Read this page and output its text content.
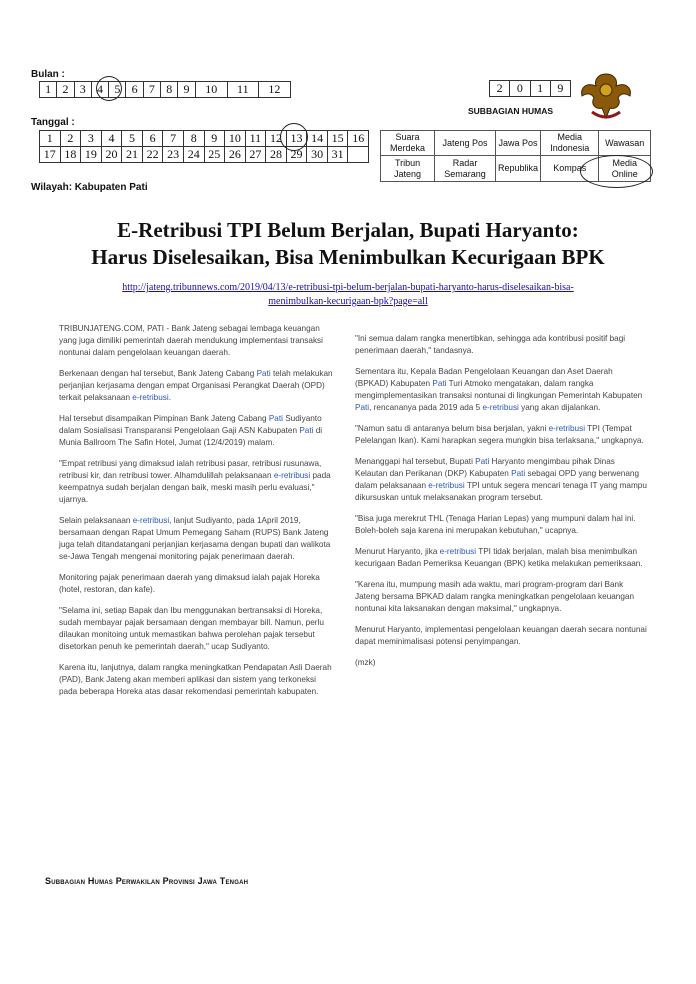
Bulan :
1	2	3	4	5	6	7	8	9	10	11	12
Tanggal :
1	2	3	4	5	6	7	8	9	10	11	12	13	14	15	16
17	18	19	20	21	22	23	24	25	26	27	28	29	30	31	
Wilayah: Kabupaten Pati
2	0	1	9
SUBBAGIAN HUMAS
Suara Merdeka	Jateng Pos	Jawa Pos	Media Indonesia	Wawasan
Tribun Jateng	Radar Semarang	Republika	Kompas	Media Online
E-Retribusi TPI Belum Berjalan, Bupati Haryanto:
Harus Diselesaikan, Bisa Menimbulkan Kecurigaan BPK
http://jateng.tribunnews.com/2019/04/13/e-retribusi-tpi-belum-berjalan-bupati-haryanto-harus-diselesaikan-bisa-
menimbulkan-kecurigaan-bpk?page=all

TRIBUNJATENG.COM, PATI - Bank Jateng sebagai lembaga keuangan yang juga dimiliki pemerintah daerah mendukung implementasi transaksi nontunai dalam pengelolaan keuangan daerah.

Berkenaan dengan hal tersebut, Bank Jateng Cabang Pati telah melakukan perjanjian kerjasama dengan empat Organisasi Perangkat Daerah (OPD) terkait pelaksanaan e-retribusi.

Hal tersebut disampaikan Pimpinan Bank Jateng Cabang Pati Sudiyanto dalam Sosialisasi Transparansi Pengelolaan Gaji ASN Kabupaten Pati di Munia Ballroom The Safin Hotel, Jumat (12/4/2019) malam.

"Empat retribusi yang dimaksud ialah retribusi pasar, retribusi rusunawa, retribusi kir, dan retribusi tower. Alhamdulillah pelaksanaan e-retribusi pada keempatnya sudah berjalan dengan baik, meski masih perlu evaluasi," ujarnya.

Selain pelaksanaan e-retribusi, lanjut Sudiyanto, pada 1April 2019, bersamaan dengan Rapat Umum Pemegang Saham (RUPS) Bank Jateng juga telah ditandatangani perjanjian kerjasama dengan bupati dan walikota se-Jawa Tengah mengenai monitoring pajak penerimaan daerah.

Monitoring pajak penerimaan daerah yang dimaksud ialah pajak Horeka (hotel, restoran, dan kafe).

"Selama ini, setiap Bapak dan Ibu menggunakan bertransaksi di Horeka, sudah membayar pajak bersamaan dengan membayar bill. Namun, perlu dilaukan monitoing untuk memastikan bahwa perolehan pajak tersebut disetorkan penuh ke pemerintah daerah," ucap Sudiyanto.

Karena itu, lanjutnya, dalam rangka meningkatkan Pendapatan Asli Daerah (PAD), Bank Jateng akan memberi aplikasi dan sistem yang terkoneksi pada beberapa Horeka atas dasar rekomendasi pemerintah kabupaten.

"Ini semua dalam rangka menertibkan, sehingga ada kontribusi positif bagi penerimaan daerah," tandasnya.

Sementara itu, Kepala Badan Pengelolaan Keuangan dan Aset Daerah (BPKAD) Kabupaten Pati Turi Atmoko mengatakan, dalam rangka mengimplementasikan transaksi nontunai di lingkungan Pemerintah Kabupaten Pati, rencananya pada 2019 ada 5 e-retribusi yang akan dijalankan.

"Namun satu di antaranya belum bisa berjalan, yakni e-retribusi TPI (Tempat Pelelangan Ikan). Kami harapkan segera mungkin bisa terlaksana," ungkapnya.

Menanggapi hal tersebut, Bupati Pati Haryanto mengimbau pihak Dinas Kelautan dan Perikanan (DKP) Kabupaten Pati sebagai OPD yang berwenang dalam pelaksanaan e-retribusi TPI untuk segera mencari tenaga IT yang mampu dikursuskan untuk melaksanakan program tersebut.

"Bisa juga merekrut THL (Tenaga Harian Lepas) yang mumpuni dalam hal ini. Boleh-boleh saja karena ini merupakan kebutuhan," ucapnya.

Menurut Haryanto, jika e-retribusi TPI tidak berjalan, malah bisa menimbulkan kecurigaan Badan Pemeriksa Keuangan (BPK) ketika melakukan pemeriksaan.

"Karena itu, mumpung masih ada waktu, mari program-program dari Bank Jateng bersama BPKAD dalam rangka meningkatkan pengelolaan keuangan nontunai kita laksanakan dengan maksimal," ungkapnya.

Menurut Haryanto, implementasi pengelolaan keuangan daerah secara nontunai dapat meminimalisasi potensi penyimpangan.

(mzk)

Subbagian Humas Perwakilan Provinsi Jawa Tengah
